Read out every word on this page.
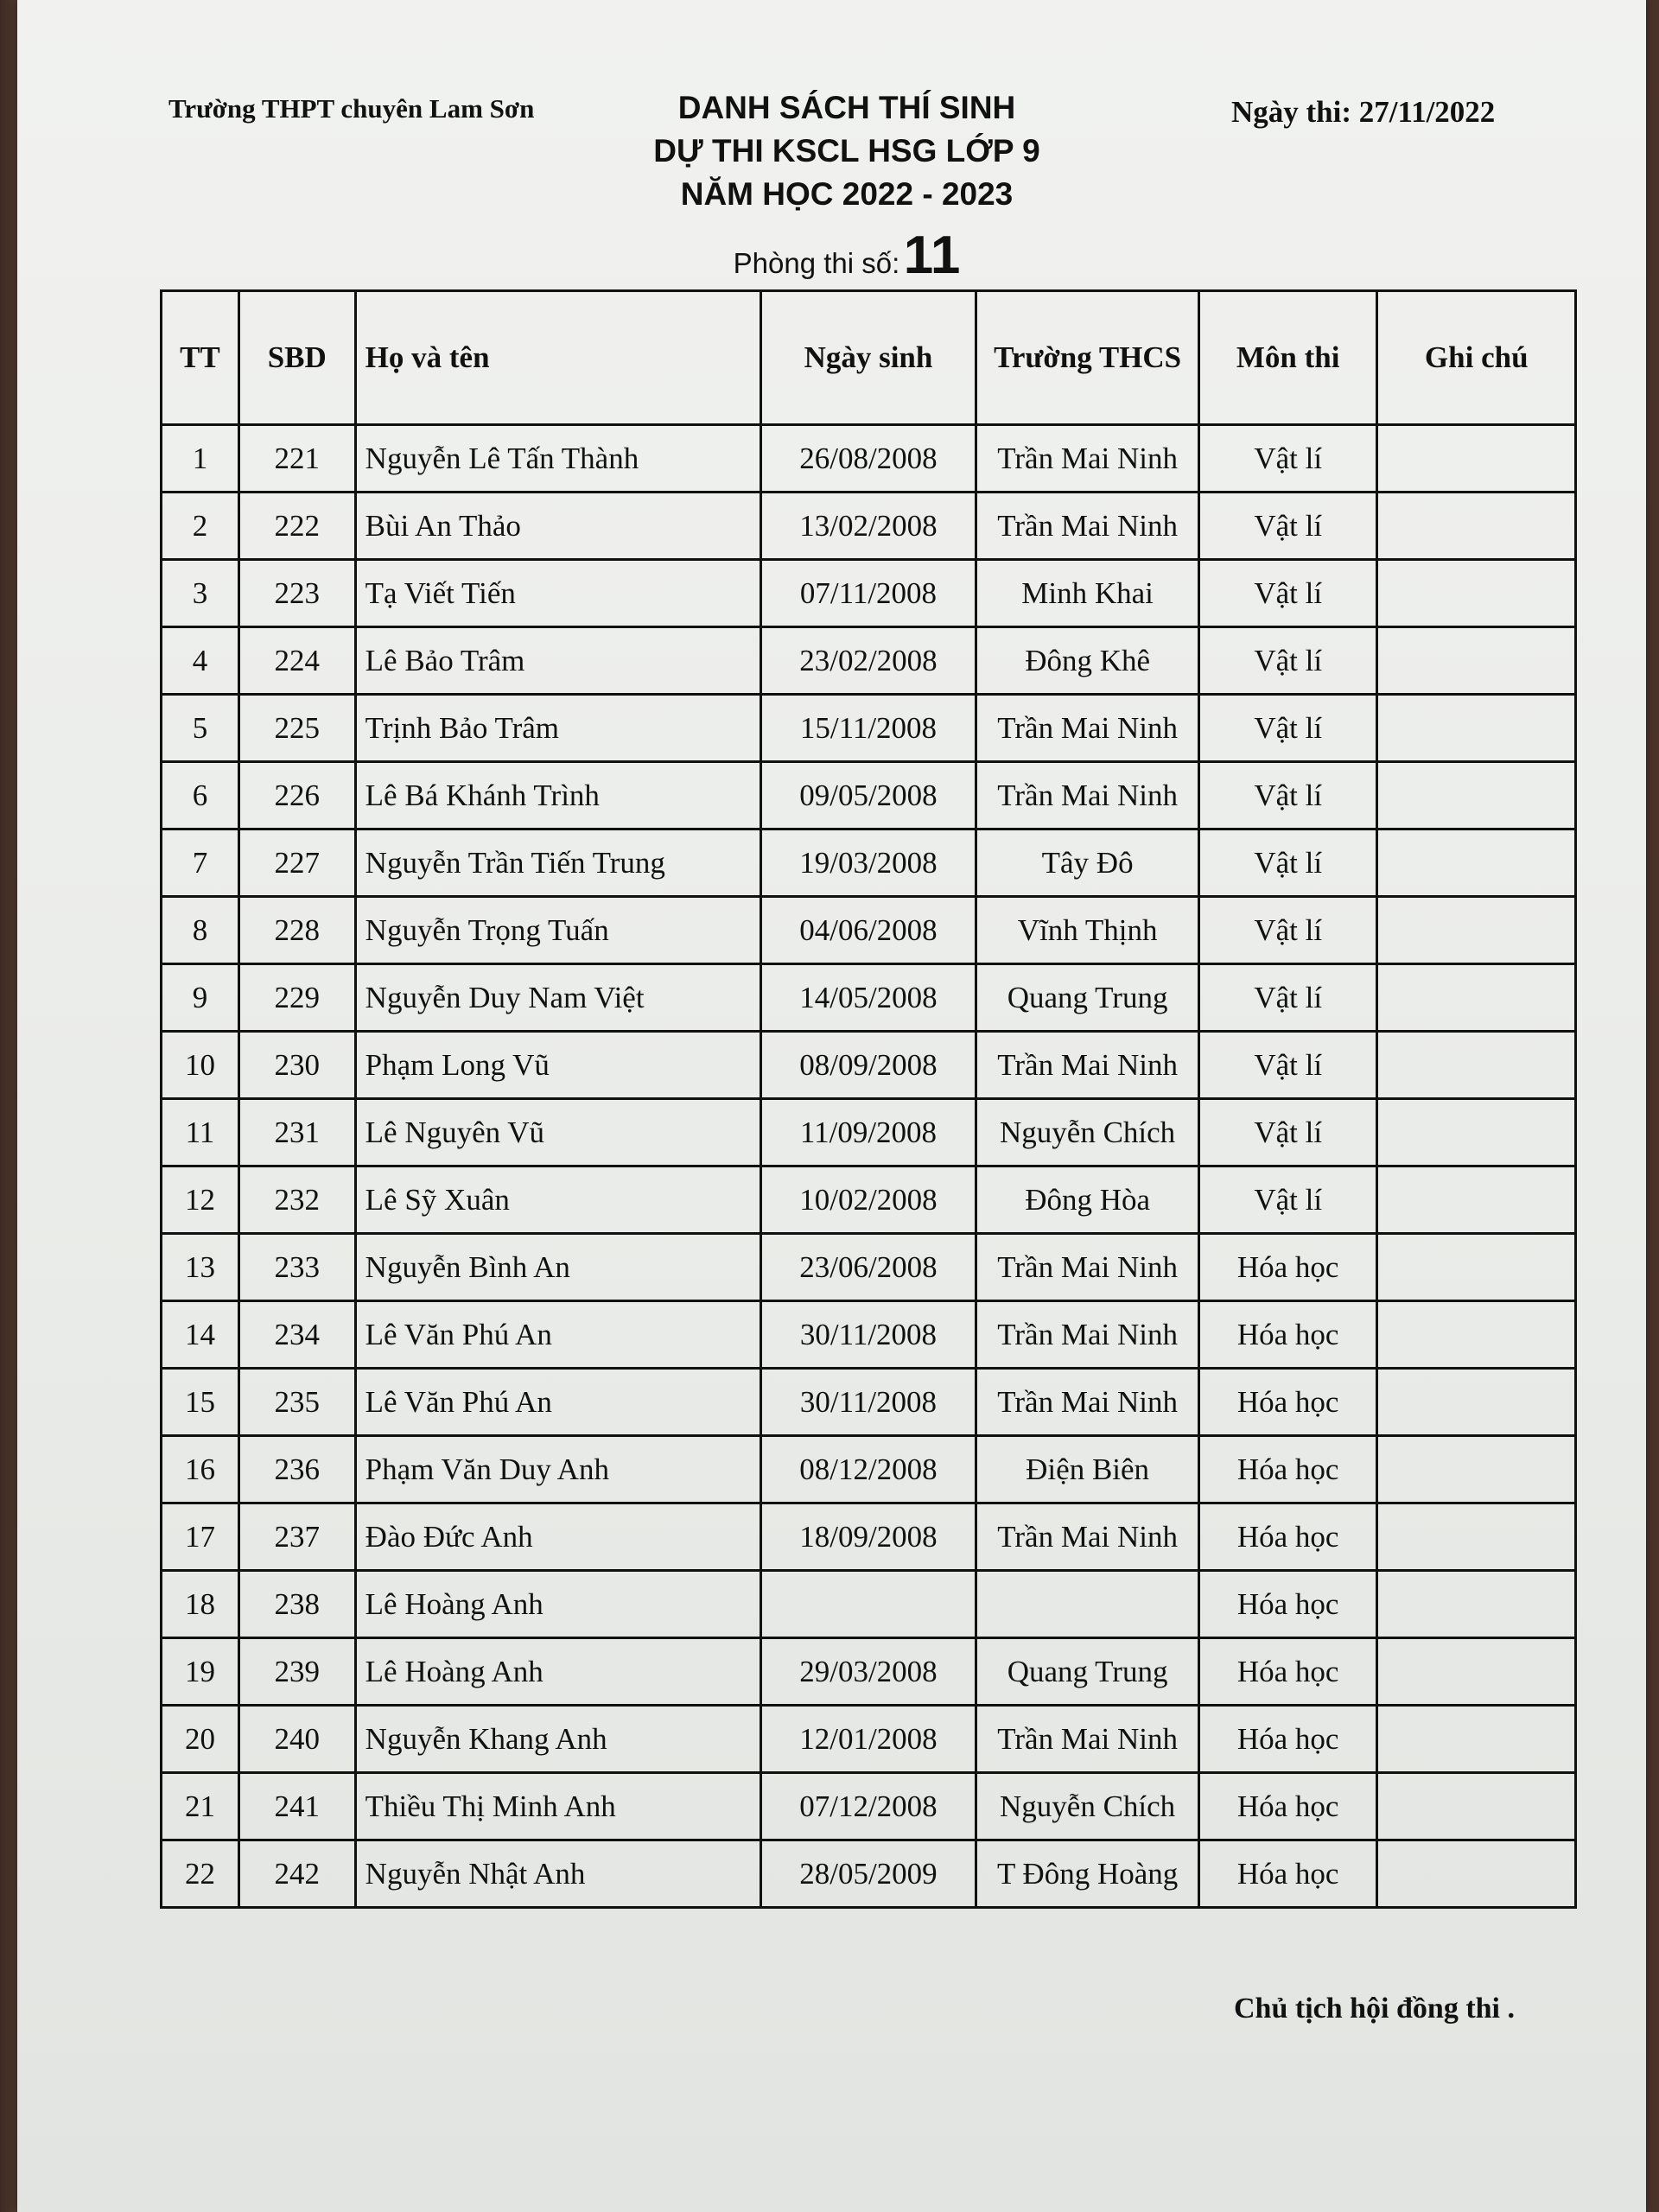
Trường THPT chuyên Lam Sơn	Ngày thi: 27/11/2022
DANH SÁCH THÍ SINH
DỰ THI KSCL HSG LỚP 9
NĂM HỌC 2022 - 2023
Phòng thi số: 11
TT	SBD	Họ và tên	Ngày sinh	Trường THCS	Môn thi	Ghi chú
1	221	Nguyễn Lê Tấn Thành	26/08/2008	Trần Mai Ninh	Vật lí	
2	222	Bùi An Thảo	13/02/2008	Trần Mai Ninh	Vật lí	
3	223	Tạ Viết Tiến	07/11/2008	Minh Khai	Vật lí	
4	224	Lê Bảo Trâm	23/02/2008	Đông Khê	Vật lí	
5	225	Trịnh Bảo Trâm	15/11/2008	Trần Mai Ninh	Vật lí	
6	226	Lê Bá Khánh Trình	09/05/2008	Trần Mai Ninh	Vật lí	
7	227	Nguyễn Trần Tiến Trung	19/03/2008	Tây Đô	Vật lí	
8	228	Nguyễn Trọng Tuấn	04/06/2008	Vĩnh Thịnh	Vật lí	
9	229	Nguyễn Duy Nam Việt	14/05/2008	Quang Trung	Vật lí	
10	230	Phạm Long Vũ	08/09/2008	Trần Mai Ninh	Vật lí	
11	231	Lê Nguyên Vũ	11/09/2008	Nguyễn Chích	Vật lí	
12	232	Lê Sỹ Xuân	10/02/2008	Đông Hòa	Vật lí	
13	233	Nguyễn Bình An	23/06/2008	Trần Mai Ninh	Hóa học	
14	234	Lê Văn Phú An	30/11/2008	Trần Mai Ninh	Hóa học	
15	235	Lê Văn Phú An	30/11/2008	Trần Mai Ninh	Hóa học	
16	236	Phạm Văn Duy Anh	08/12/2008	Điện Biên	Hóa học	
17	237	Đào Đức Anh	18/09/2008	Trần Mai Ninh	Hóa học	
18	238	Lê Hoàng Anh			Hóa học	
19	239	Lê Hoàng Anh	29/03/2008	Quang Trung	Hóa học	
20	240	Nguyễn Khang Anh	12/01/2008	Trần Mai Ninh	Hóa học	
21	241	Thiều Thị Minh Anh	07/12/2008	Nguyễn Chích	Hóa học	
22	242	Nguyễn Nhật Anh	28/05/2009	T Đông Hoàng	Hóa học	
Chủ tịch hội đồng thi .
